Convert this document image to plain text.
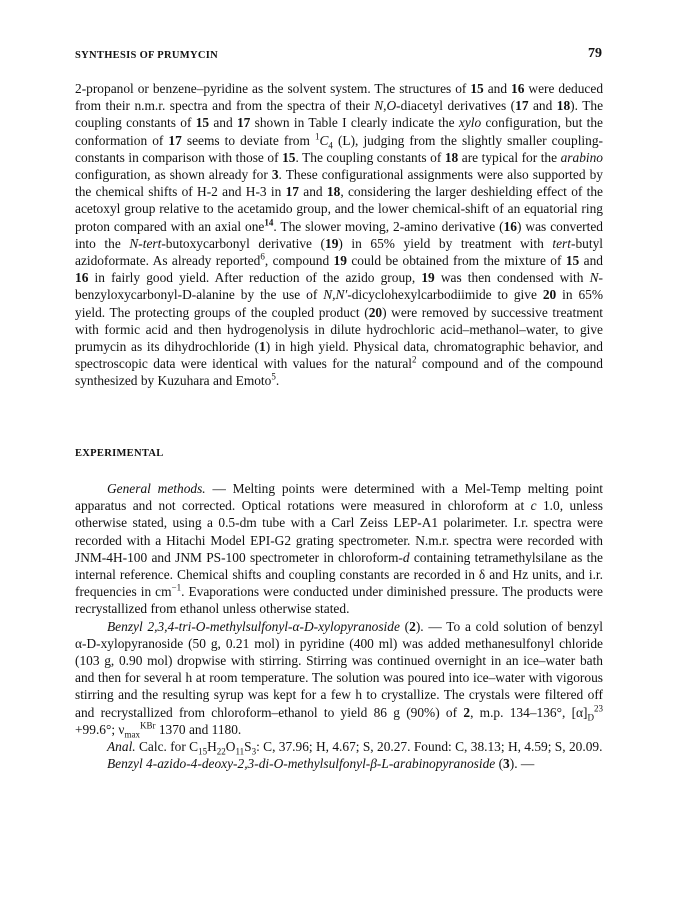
SYNTHESIS OF PRUMYCIN	79

2-propanol or benzene–pyridine as the solvent system. The structures of 15 and 16 were deduced from their n.m.r. spectra and from the spectra of their N,O-diacetyl derivatives (17 and 18). The coupling constants of 15 and 17 shown in Table I clearly indicate the xylo configuration, but the conformation of 17 seems to deviate from $^1C_4$ (L), judging from the slightly smaller coupling-constants in comparison with those of 15. The coupling constants of 18 are typical for the arabino configuration, as shown already for 3. These configurational assignments were also supported by the chemical shifts of H-2 and H-3 in 17 and 18, considering the larger deshielding effect of the acetoxyl group relative to the acetamido group, and the lower chemical-shift of an equatorial ring proton compared with an axial one$^{14}$. The slower moving, 2-amino derivative (16) was converted into the N-tert-butoxycarbonyl derivative (19) in 65% yield by treatment with tert-butyl azidoformate. As already reported$^6$, compound 19 could be obtained from the mixture of 15 and 16 in fairly good yield. After reduction of the azido group, 19 was then condensed with N-benzyloxycarbonyl-D-alanine by the use of N,N′-dicyclohexylcarbodiimide to give 20 in 65% yield. The protecting groups of the coupled product (20) were removed by successive treatment with formic acid and then hydrogenolysis in dilute hydrochloric acid–methanol–water, to give prumycin as its dihydrochloride (1) in high yield. Physical data, chromatographic behavior, and spectroscopic data were identical with values for the natural$^2$ compound and of the compound synthesized by Kuzuhara and Emoto$^5$.

EXPERIMENTAL

General methods. — Melting points were determined with a Mel-Temp melting point apparatus and not corrected. Optical rotations were measured in chloroform at c 1.0, unless otherwise stated, using a 0.5-dm tube with a Carl Zeiss LEP-A1 polarimeter. I.r. spectra were recorded with a Hitachi Model EPI-G2 grating spectrometer. N.m.r. spectra were recorded with JNM-4H-100 and JNM PS-100 spectrometer in chloroform-d containing tetramethylsilane as the internal reference. Chemical shifts and coupling constants are recorded in δ and Hz units, and i.r. frequencies in $cm^{-1}$. Evaporations were conducted under diminished pressure. The products were recrystallized from ethanol unless otherwise stated.

Benzyl 2,3,4-tri-O-methylsulfonyl-α-D-xylopyranoside (2). — To a cold solution of benzyl α-D-xylopyranoside (50 g, 0.21 mol) in pyridine (400 ml) was added methanesulfonyl chloride (103 g, 0.90 mol) dropwise with stirring. Stirring was continued overnight in an ice–water bath and then for several h at room temperature. The solution was poured into ice–water with vigorous stirring and the resulting syrup was kept for a few h to crystallize. The crystals were filtered off and recrystallized from chloroform–ethanol to yield 86 g (90%) of 2, m.p. 134–136°, $[\alpha]_D^{23} +99.6^\circ$; $\nu_{max}^{KBr}$ 1370 and 1180.

Anal. Calc. for $C_{15}H_{22}O_{11}S_3$: C, 37.96; H, 4.67; S, 20.27. Found: C, 38.13; H, 4.59; S, 20.09.

Benzyl 4-azido-4-deoxy-2,3-di-O-methylsulfonyl-β-L-arabinopyranoside (3). —
